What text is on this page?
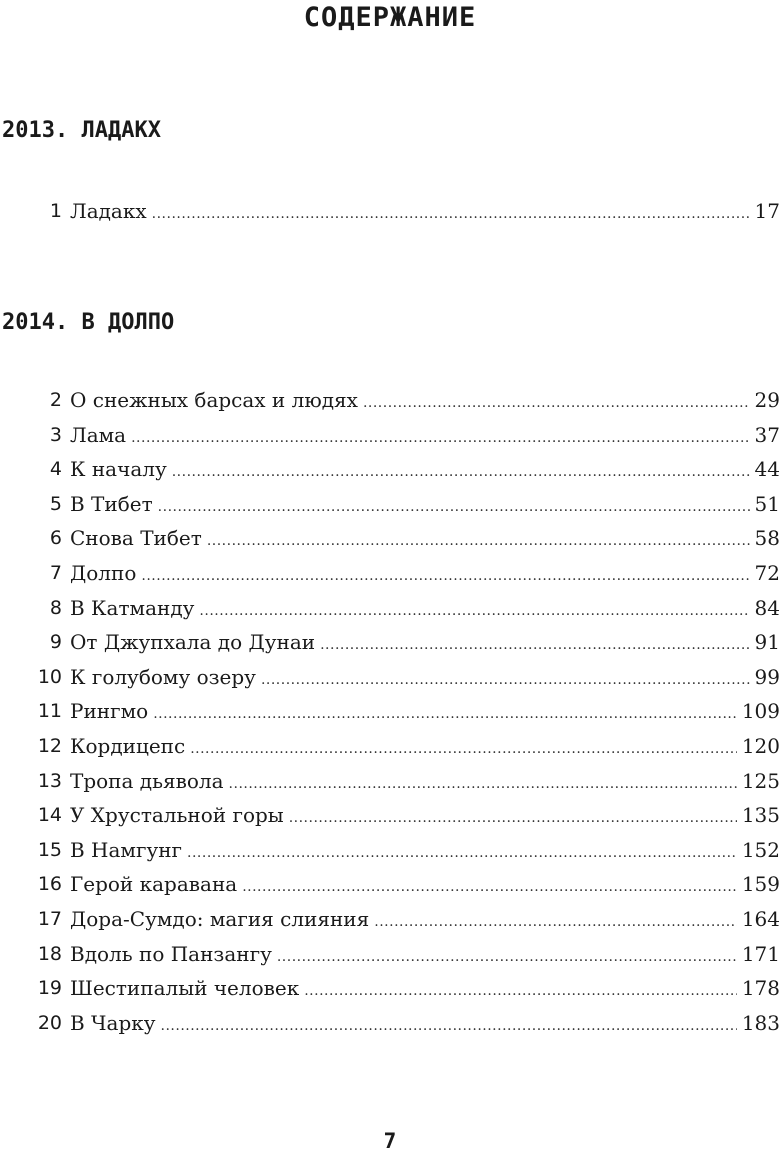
СОДЕРЖАНИЕ
2013. ЛАДАКХ
1 Ладакх .....	17
2014. В ДОЛПО
2 О снежных барсах и людях .....	29
3 Лама .....	37
4 К началу .....	44
5 В Тибет .....	51
6 Снова Тибет .....	58
7 Долпо .....	72
8 В Катманду .....	84
9 От Джупхала до Дунаи .....	91
10 К голубому озеру .....	99
11 Рингмо .....	109
12 Кордицепс .....	120
13 Тропа дьявола .....	125
14 У Хрустальной горы .....	135
15 В Намгунг .....	152
16 Герой каравана .....	159
17 Дора-Сумдо: магия слияния .....	164
18 Вдоль по Панзангу .....	171
19 Шестипалый человек .....	178
20 В Чарку .....	183
7
